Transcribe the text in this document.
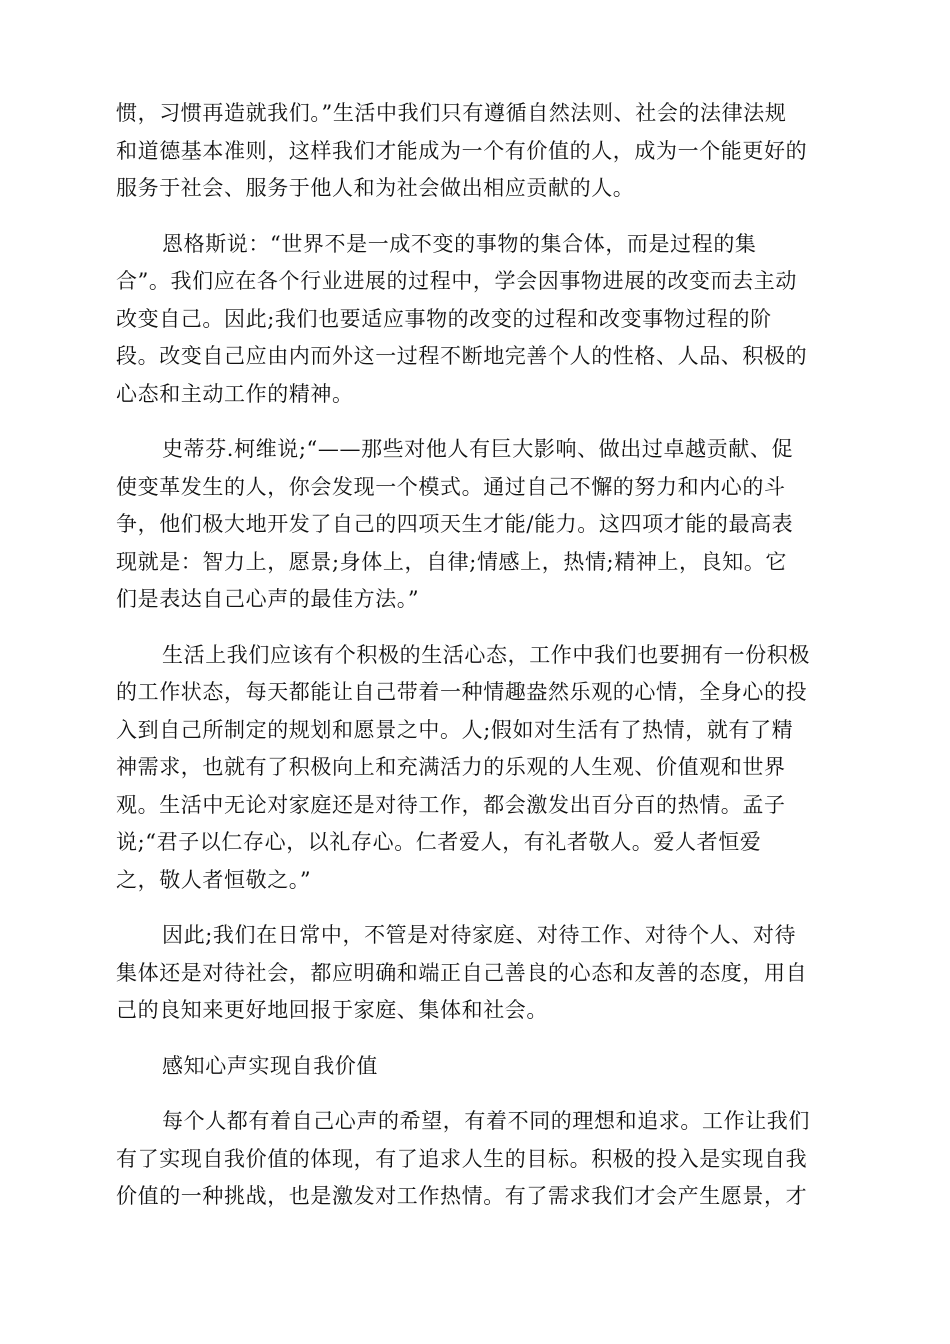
惯，习惯再造就我们。”生活中我们只有遵循自然法则、社会的法律法规
和道德基本准则，这样我们才能成为一个有价值的人，成为一个能更好的
服务于社会、服务于他人和为社会做出相应贡献的人。

恩格斯说：“世界不是一成不变的事物的集合体，而是过程的集
合”。我们应在各个行业进展的过程中，学会因事物进展的改变而去主动
改变自己。因此;我们也要适应事物的改变的过程和改变事物过程的阶
段。改变自己应由内而外这一过程不断地完善个人的性格、人品、积极的
心态和主动工作的精神。

史蒂芬.柯维说;“——那些对他人有巨大影响、做出过卓越贡献、促
使变革发生的人，你会发现一个模式。通过自己不懈的努力和内心的斗
争，他们极大地开发了自己的四项天生才能/能力。这四项才能的最高表
现就是：智力上，愿景;身体上，自律;情感上，热情;精神上，良知。它
们是表达自己心声的最佳方法。”

生活上我们应该有个积极的生活心态，工作中我们也要拥有一份积极
的工作状态，每天都能让自己带着一种情趣盎然乐观的心情，全身心的投
入到自己所制定的规划和愿景之中。人;假如对生活有了热情，就有了精
神需求，也就有了积极向上和充满活力的乐观的人生观、价值观和世界
观。生活中无论对家庭还是对待工作，都会激发出百分百的热情。孟子
说;“君子以仁存心，以礼存心。仁者爱人，有礼者敬人。爱人者恒爱
之，敬人者恒敬之。”

因此;我们在日常中，不管是对待家庭、对待工作、对待个人、对待
集体还是对待社会，都应明确和端正自己善良的心态和友善的态度，用自
己的良知来更好地回报于家庭、集体和社会。

感知心声实现自我价值

每个人都有着自己心声的希望，有着不同的理想和追求。工作让我们
有了实现自我价值的体现，有了追求人生的目标。积极的投入是实现自我
价值的一种挑战，也是激发对工作热情。有了需求我们才会产生愿景，才
